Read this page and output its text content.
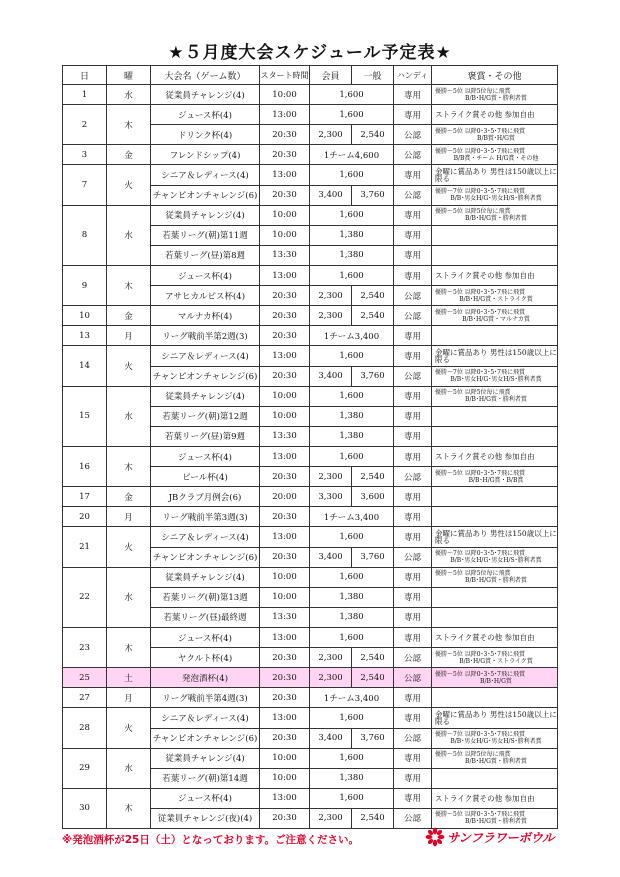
★５月度大会スケジュール予定表★
日	曜	大会名（ゲーム数）	スタート時間	会員	一般	ハンディ	褒賞・その他
1	水	従業員チャレンジ(4)	10:00	1,600		専用	優勝〜5位 以降5位毎に飛賞
B/B･H/G賞・勝利者賞

2	木	ジュース杯(4)	13:00	1,600		専用	ストライク賞その他 参加自由

		ドリンク杯(4)	20:30	2,300	2,540	公認	優勝〜5位 以降0･3･5･7飛に飛賞
B/B賞･H/G賞

3	金	フレンドシップ(4)	20:30	1チーム4,600		公認	優勝〜5位 以降0･3･5･7飛に飛賞
B/B賞・チーム H/G賞・その他

7	火	シニア＆レディース(4)	13:00	1,600		専用	金曜に賞品あり 男性は150歳以上に限る

		チャンピオンチャレンジ(6)	20:30	3,400	3,760	公認	優勝〜7位 以降0･3･5･7飛に飛賞
B/B･男女H/G･男女H/S･勝利者賞

8	水	従業員チャレンジ(4)	10:00	1,600		専用	優勝〜5位 以降5位毎に飛賞
B/B･H/G賞・勝利者賞

		若葉リーグ(朝)第11週	10:00	1,380		専用	
		若葉リーグ(昼)第8週	13:30	1,380		専用	
9	木	ジュース杯(4)	13:00	1,600		専用	ストライク賞その他 参加自由

		アサヒカルピス杯(4)	20:30	2,300	2,540	公認	優勝〜5位 以降0･3･5･7飛に飛賞
B/B･H/G賞・ストライク賞

10	金	マルナカ杯(4)	20:30	2,300	2,540	公認	優勝〜5位 以降0･3･5･7飛に飛賞
B/B･H/G賞・マルナカ賞

13	月	リーグ戦前半第2週(3)	20:30	1チーム3,400		専用	
14	火	シニア＆レディース(4)	13:00	1,600		専用	金曜に賞品あり 男性は150歳以上に限る

		チャンピオンチャレンジ(6)	20:30	3,400	3,760	公認	優勝〜7位 以降0･3･5･7飛に飛賞
B/B･男女H/G･男女H/S･勝利者賞

15	水	従業員チャレンジ(4)	10:00	1,600		専用	優勝〜5位 以降5位毎に飛賞
B/B･H/G賞・勝利者賞

		若葉リーグ(朝)第12週	10:00	1,380		専用	
		若葉リーグ(昼)第9週	13:30	1,380		専用	
16	木	ジュース杯(4)	13:00	1,600		専用	ストライク賞その他 参加自由

		ビール杯(4)	20:30	2,300	2,540	公認	優勝〜5位 以降0･3･5･7飛に飛賞
B/B･H/G賞・B/B賞

17	金	JBクラブ月例会(6)	20:00	3,300	3,600	専用	
20	月	リーグ戦前半第3週(3)	20:30	1チーム3,400		専用	
21	火	シニア＆レディース(4)	13:00	1,600		専用	金曜に賞品あり 男性は150歳以上に限る

		チャンピオンチャレンジ(6)	20:30	3,400	3,760	公認	優勝〜7位 以降0･3･5･7飛に飛賞
B/B･男女H/G･男女H/S･勝利者賞

22	水	従業員チャレンジ(4)	10:00	1,600		専用	優勝〜5位 以降5位毎に飛賞
B/B･H/G賞・勝利者賞

		若葉リーグ(朝)第13週	10:00	1,380		専用	
		若葉リーグ(昼)最終週	13:30	1,380		専用	
23	木	ジュース杯(4)	13:00	1,600		専用	ストライク賞その他 参加自由

		ヤクルト杯(4)	20:30	2,300	2,540	公認	優勝〜5位 以降0･3･5･7飛に飛賞
B/B･H/G賞・ストライク賞

25	土	発泡酒杯(4)	20:30	2,300	2,540	公認	優勝〜5位 以降0･3･5･7飛に飛賞
B/B･H/G賞

27	月	リーグ戦前半第4週(3)	20:30	1チーム3,400		専用	
28	火	シニア＆レディース(4)	13:00	1,600		専用	金曜に賞品あり 男性は150歳以上に限る

		チャンピオンチャレンジ(6)	20:30	3,400	3,760	公認	優勝〜7位 以降0･3･5･7飛に飛賞
B/B･男女H/G･男女H/S･勝利者賞

29	水	従業員チャレンジ(4)	10:00	1,600		専用	優勝〜5位 以降5位毎に飛賞
B/B･H/G賞・勝利者賞

		若葉リーグ(朝)第14週	10:00	1,380		専用	
30	木	ジュース杯(4)	13:00	1,600		専用	ストライク賞その他 参加自由

		従業員チャレンジ(夜)(4)	20:30	2,300	2,540	公認	優勝〜5位 以降0･3･5･7飛に飛賞
B/B･H/G賞・勝利者賞
※発泡酒杯が25日（土）となっております。ご注意ください。	サンフラワーボウル
